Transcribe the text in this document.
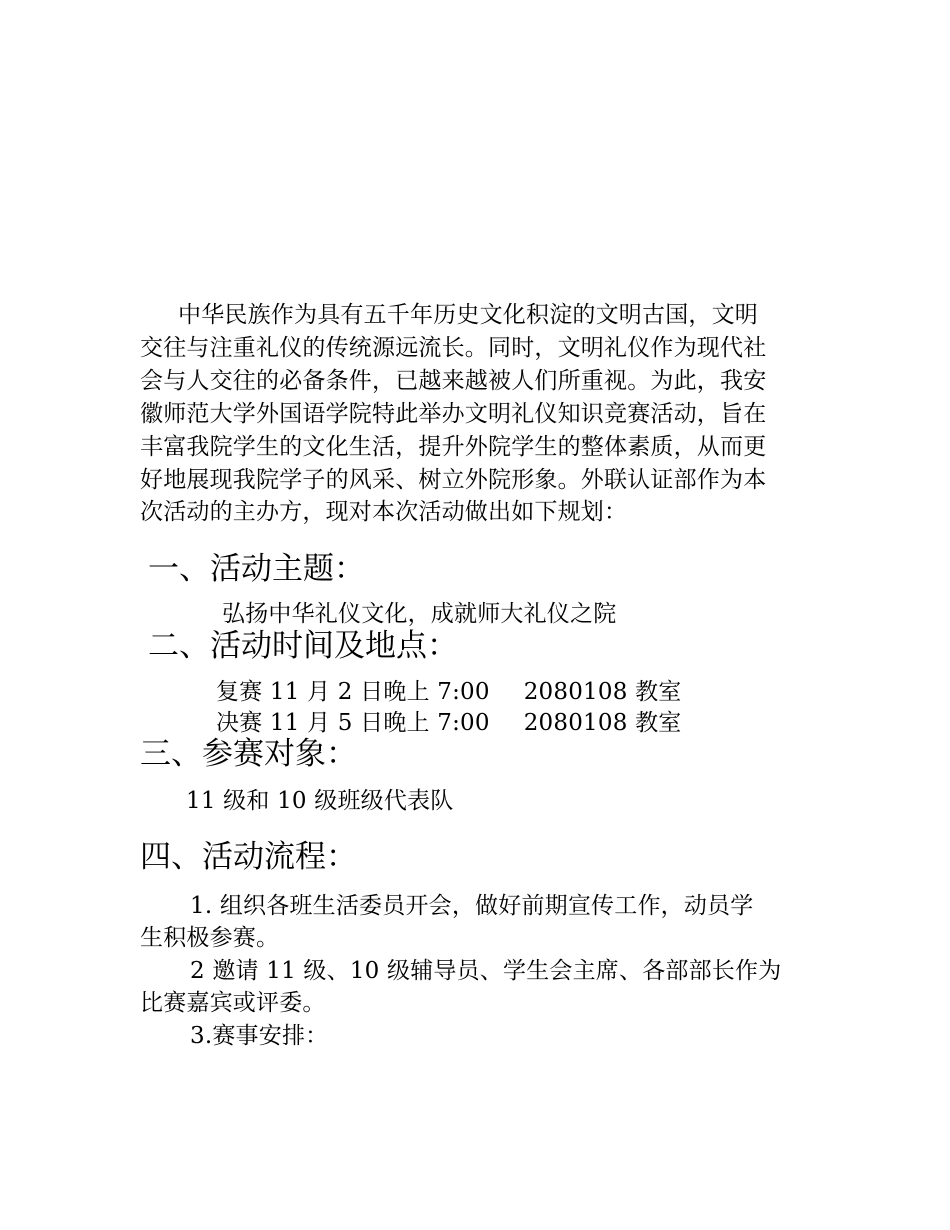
中华民族作为具有五千年历史文化积淀的文明古国，文明
交往与注重礼仪的传统源远流长。同时，文明礼仪作为现代社
会与人交往的必备条件，已越来越被人们所重视。为此，我安
徽师范大学外国语学院特此举办文明礼仪知识竞赛活动，旨在
丰富我院学生的文化生活，提升外院学生的整体素质，从而更
好地展现我院学子的风采、树立外院形象。外联认证部作为本
次活动的主办方，现对本次活动做出如下规划：
一、活动主题：
弘扬中华礼仪文化，成就师大礼仪之院
二、活动时间及地点：
复赛 11 月 2 日晚上 7:00 2080108 教室
决赛 11 月 5 日晚上 7:00 2080108 教室
三、参赛对象：
11 级和 10 级班级代表队
四、活动流程：
1. 组织各班生活委员开会，做好前期宣传工作，动员学
生积极参赛。
2 邀请 11 级、10 级辅导员、学生会主席、各部部长作为
比赛嘉宾或评委。
3.赛事安排：
